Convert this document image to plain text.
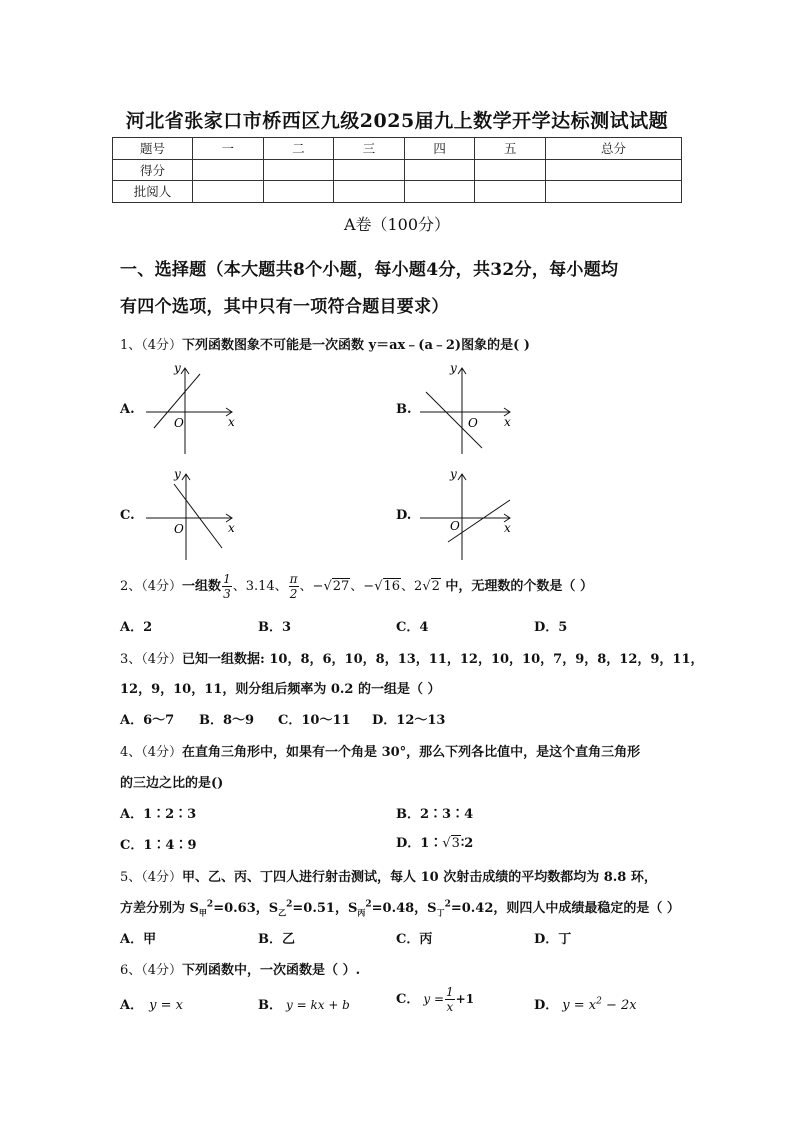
河北省张家口市桥西区九级2025届九上数学开学达标测试试题
题号	一	二	三	四	五	总分
得分						
批阅人						
A卷（100分）
一、选择题（本大题共8个小题，每小题4分，共32分，每小题均
有四个选项，其中只有一项符合题目要求）
1、（4分）下列函数图象不可能是一次函数 y＝ax﹣(a﹣2)图象的是( )
A.	B.
C.	D.
y
x
O
y
x
O
y
x
O
y
x
O
2、（4分）一组数 $\frac{1}{3}$ 、3.14、 $\frac{\pi}{2}$ 、−√27、−√16、2√2 中，无理数的个数是（ ）
A．2	B．3	C．4	D．5
3、（4分）已知一组数据: 10，8，6，10，8，13，11，12，10，10，7，9，8，12，9，11，
12，9，10，11，则分组后频率为 0.2 的一组是（ ）
A．6～7 B．8～9 C．10～11 D．12～13
4、（4分）在直角三角形中，如果有一个角是 30°，那么下列各比值中，是这个直角三角形
的三边之比的是()
A．1∶2∶3	B．2∶3∶4
C．1∶4∶9	D．1∶√3∶2
5、（4分）甲、乙、丙、丁四人进行射击测试，每人 10 次射击成绩的平均数都均为 8.8 环，
方差分别为 $S_甲^2=0.63$，$S_乙^2=0.51$，$S_丙^2=0.48$，$S_丁^2=0.42$，则四人中成绩最稳定的是（ ）
A．甲	B．乙	C．丙	D．丁
6、（4分）下列函数中，一次函数是（ ）.
A． y = x	B． y = kx + b	C． $y = \frac{1}{x} +1$	D． $y = x^2 - 2x$
